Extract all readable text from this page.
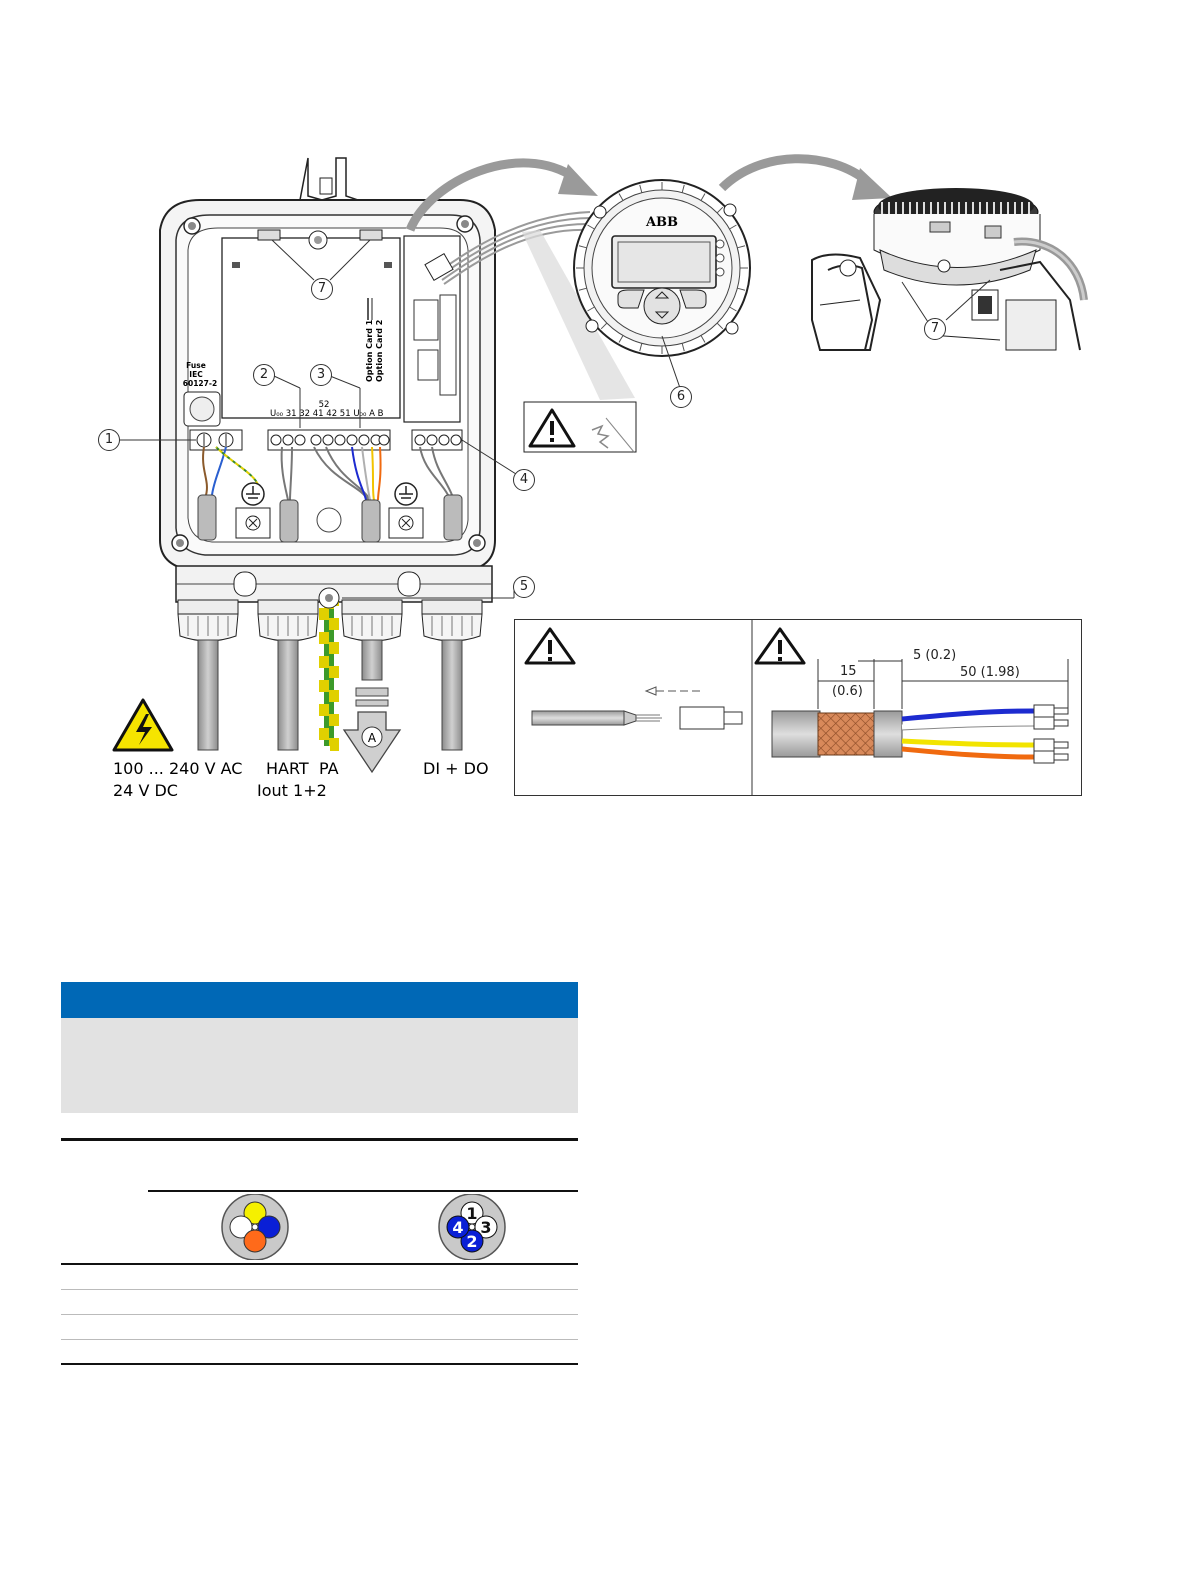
Fuse
IEC
60127-2
Option Card 1 Option Card 2
52
U₀₀ 31 32 41 42 51 U₀₀ A B
A
100 ... 240 V AC
24 V DC
HART PA
Iout 1+2
DI + DO
ABB
1
2	3
4
5
6
7
7
15
(0.6)
5 (0.2)
50 (1.98)
1
3
2
4
